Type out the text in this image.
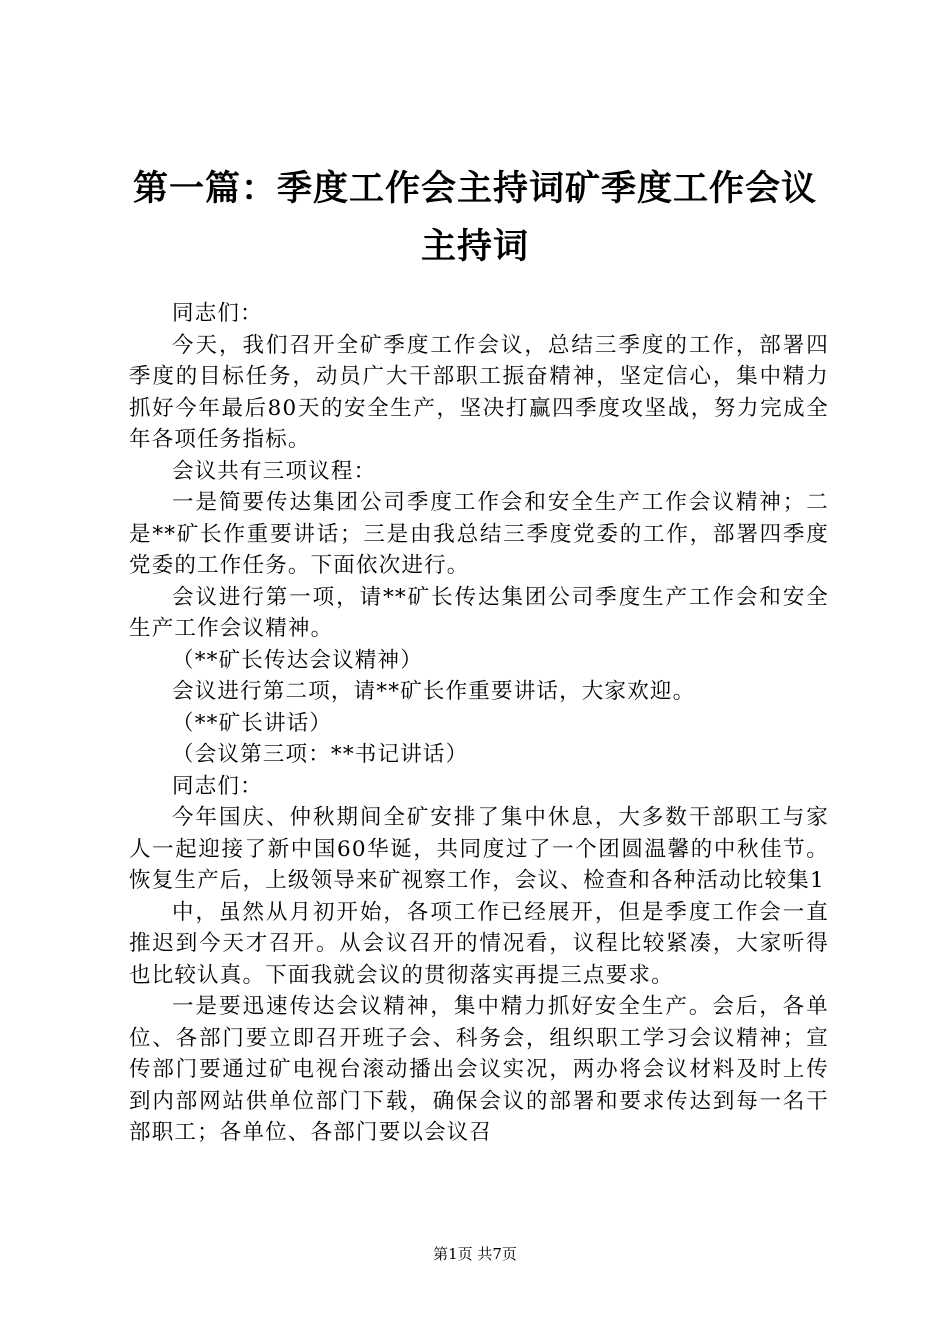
第一篇：季度工作会主持词矿季度工作会议主持词

同志们：

今天，我们召开全矿季度工作会议，总结三季度的工作，部署四季度的目标任务，动员广大干部职工振奋精神，坚定信心，集中精力抓好今年最后80天的安全生产，坚决打赢四季度攻坚战，努力完成全年各项任务指标。

会议共有三项议程：

一是简要传达集团公司季度工作会和安全生产工作会议精神；二是**矿长作重要讲话；三是由我总结三季度党委的工作，部署四季度党委的工作任务。下面依次进行。

会议进行第一项，请**矿长传达集团公司季度生产工作会和安全生产工作会议精神。

（**矿长传达会议精神）

会议进行第二项，请**矿长作重要讲话，大家欢迎。

（**矿长讲话）

（会议第三项：**书记讲话）

同志们：

今年国庆、仲秋期间全矿安排了集中休息，大多数干部职工与家人一起迎接了新中国60华诞，共同度过了一个团圆温馨的中秋佳节。恢复生产后，上级领导来矿视察工作，会议、检查和各种活动比较集1

中，虽然从月初开始，各项工作已经展开，但是季度工作会一直推迟到今天才召开。从会议召开的情况看，议程比较紧凑，大家听得也比较认真。下面我就会议的贯彻落实再提三点要求。

一是要迅速传达会议精神，集中精力抓好安全生产。会后，各单位、各部门要立即召开班子会、科务会，组织职工学习会议精神；宣传部门要通过矿电视台滚动播出会议实况，两办将会议材料及时上传到内部网站供单位部门下载，确保会议的部署和要求传达到每一名干部职工；各单位、各部门要以会议召

第1页 共7页
